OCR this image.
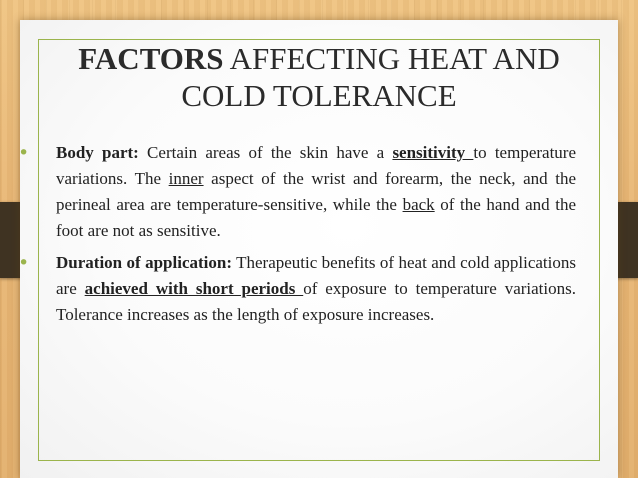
FACTORS AFFECTING HEAT AND COLD TOLERANCE
• Body part: Certain areas of the skin have a sensitivity to temperature variations. The inner aspect of the wrist and forearm, the neck, and the perineal area are temperature-sensitive, while the back of the hand and the foot are not as sensitive.
• Duration of application: Therapeutic benefits of heat and cold applications are achieved with short periods of exposure to temperature variations. Tolerance increases as the length of exposure increases.
